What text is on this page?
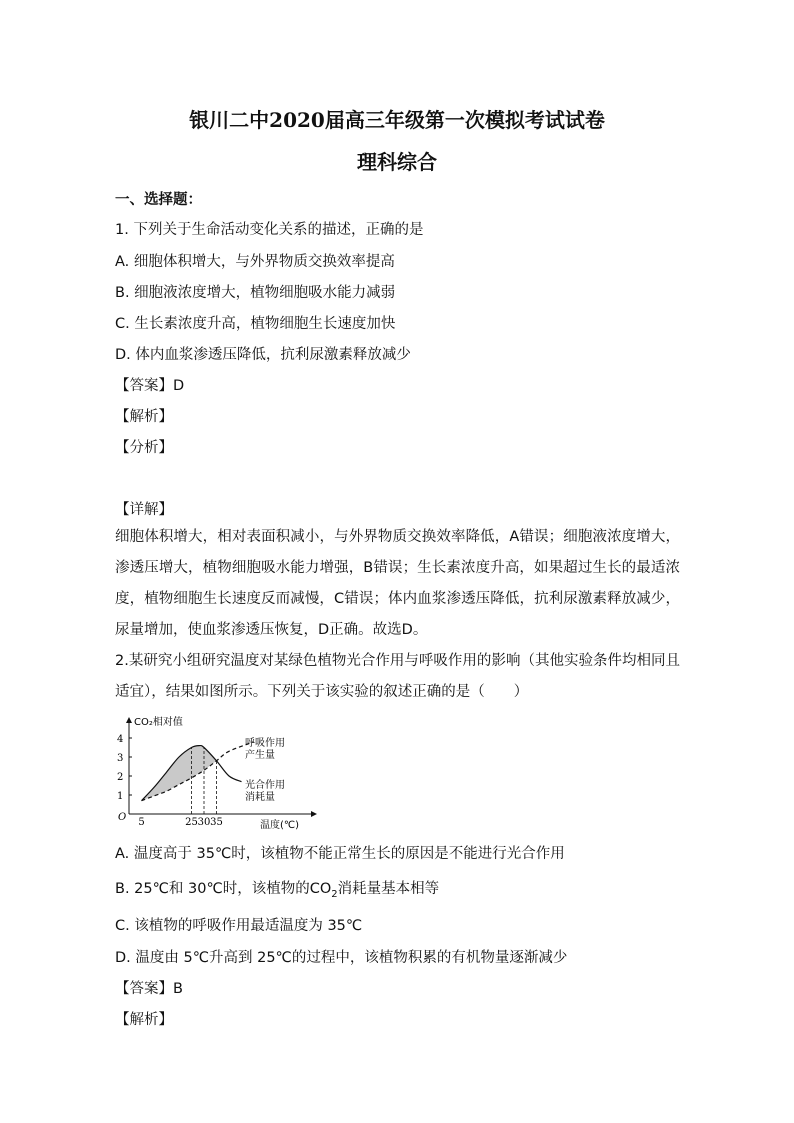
银川二中2020届高三年级第一次模拟考试试卷
理科综合
一、选择题：
1. 下列关于生命活动变化关系的描述，正确的是
A. 细胞体积增大，与外界物质交换效率提高
B. 细胞液浓度增大，植物细胞吸水能力减弱
C. 生长素浓度升高，植物细胞生长速度加快
D. 体内血浆渗透压降低，抗利尿激素释放减少
【答案】D
【解析】
【分析】
【详解】
细胞体积增大，相对表面积减小，与外界物质交换效率降低，A错误；细胞液浓度增大，渗透压增大，植物细胞吸水能力增强，B错误；生长素浓度升高，如果超过生长的最适浓度，植物细胞生长速度反而减慢，C错误；体内血浆渗透压降低，抗利尿激素释放减少，尿量增加，使血浆渗透压恢复，D正确。故选D。
2.某研究小组研究温度对某绿色植物光合作用与呼吸作用的影响（其他实验条件均相同且适宜），结果如图所示。下列关于该实验的叙述正确的是（　　）
1
2
3
4
5	25 30 35
CO₂相对值
温度(℃)
O
呼吸作用
产生量
光合作用
消耗量
A. 温度高于 35℃时，该植物不能正常生长的原因是不能进行光合作用
B. 25℃和 30℃时，该植物的$CO_2$消耗量基本相等
C. 该植物的呼吸作用最适温度为 35℃
D. 温度由 5℃升高到 25℃的过程中，该植物积累的有机物量逐渐减少
【答案】B
【解析】
